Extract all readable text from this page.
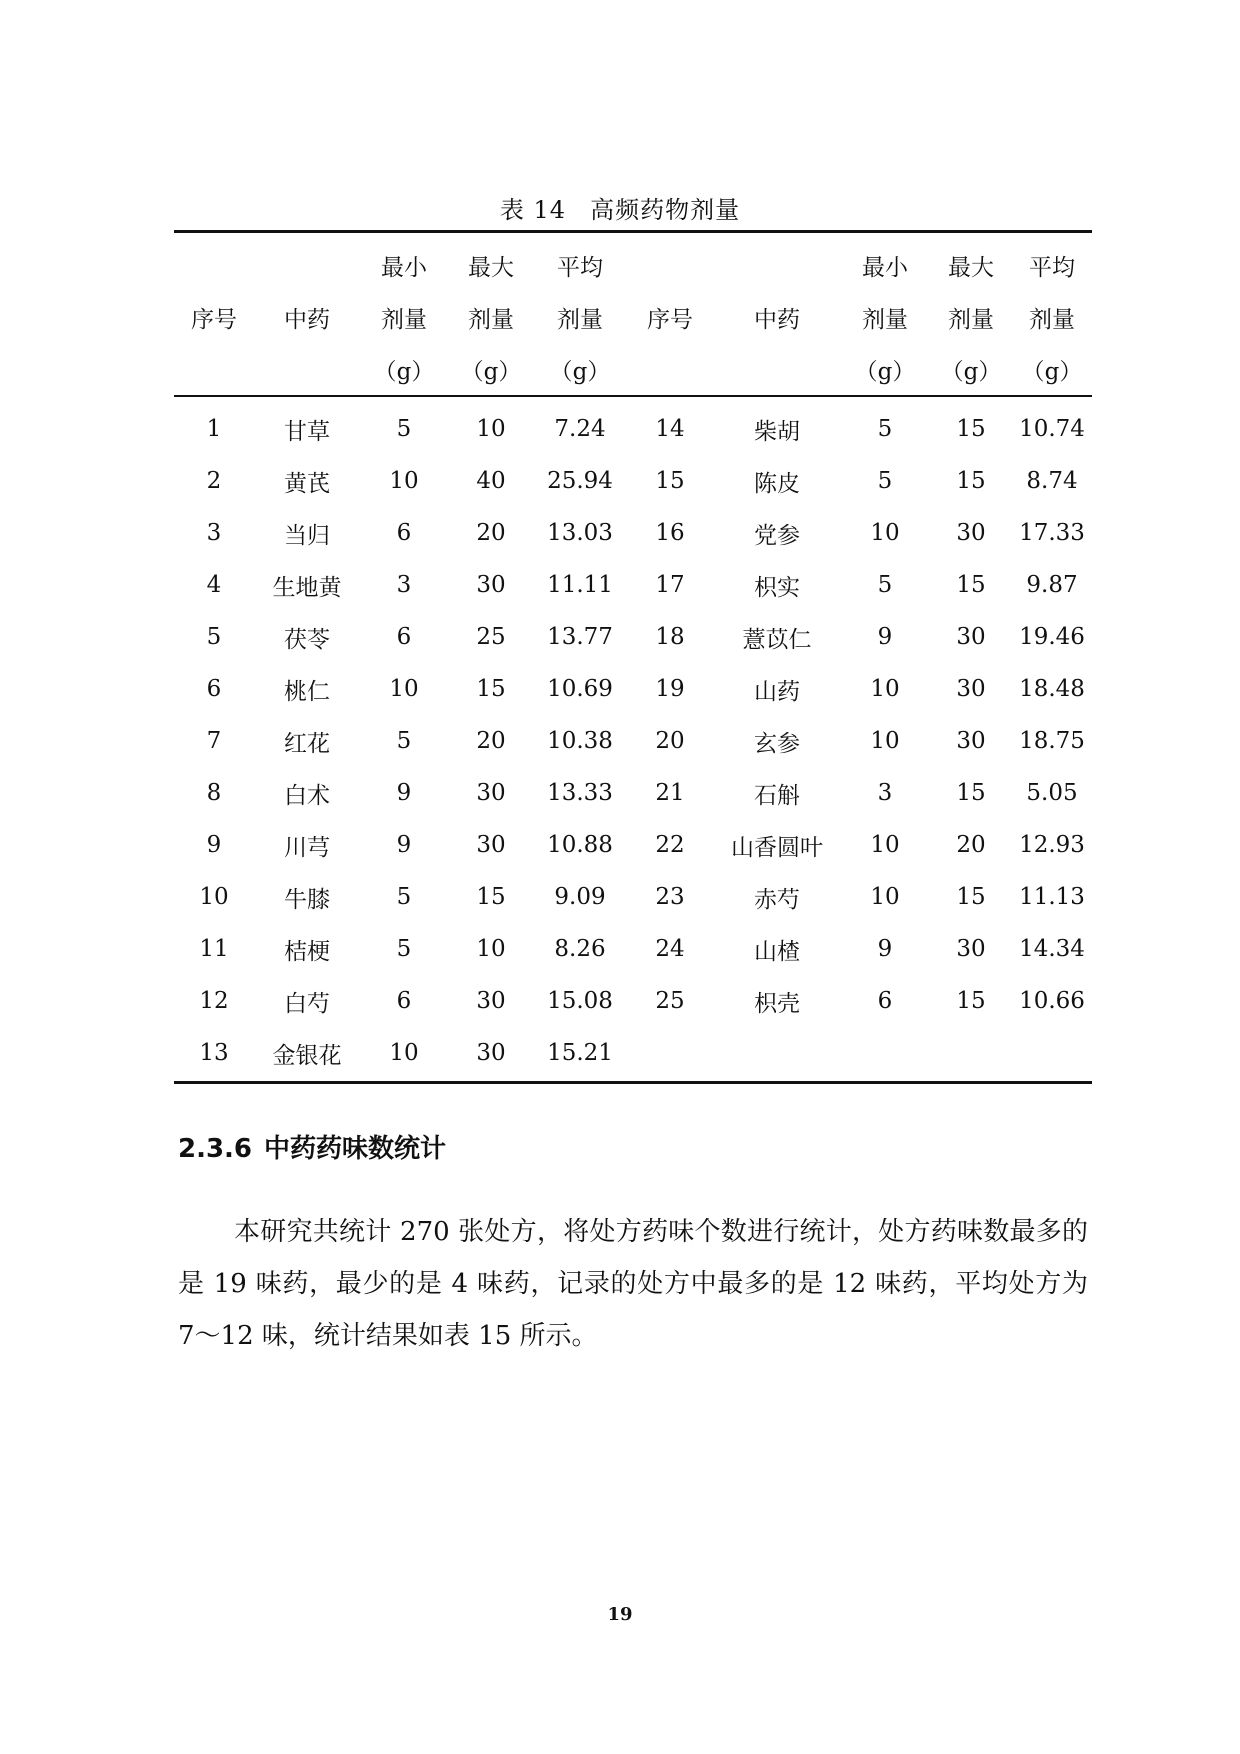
表 14 高频药物剂量
		最小	最大	平均			最小	最大	平均
序号	中药	剂量	剂量	剂量	序号	中药	剂量	剂量	剂量
		（g）	（g）	（g）			（g）	（g）	（g）
1	甘草	5	10	7.24	14	柴胡	5	15	10.74
2	黄芪	10	40	25.94	15	陈皮	5	15	8.74
3	当归	6	20	13.03	16	党参	10	30	17.33
4	生地黄	3	30	11.11	17	枳实	5	15	9.87
5	茯苓	6	25	13.77	18	薏苡仁	9	30	19.46
6	桃仁	10	15	10.69	19	山药	10	30	18.48
7	红花	5	20	10.38	20	玄参	10	30	18.75
8	白术	9	30	13.33	21	石斛	3	15	5.05
9	川芎	9	30	10.88	22	山香圆叶	10	20	12.93
10	牛膝	5	15	9.09	23	赤芍	10	15	11.13
11	桔梗	5	10	8.26	24	山楂	9	30	14.34
12	白芍	6	30	15.08	25	枳壳	6	15	10.66
13	金银花	10	30	15.21					
2.3.6 中药药味数统计

本研究共统计 270 张处方，将处方药味个数进行统计，处方药味数最多的是 19 味药，最少的是 4 味药，记录的处方中最多的是 12 味药，平均处方为 7～12 味，统计结果如表 15 所示。

19
